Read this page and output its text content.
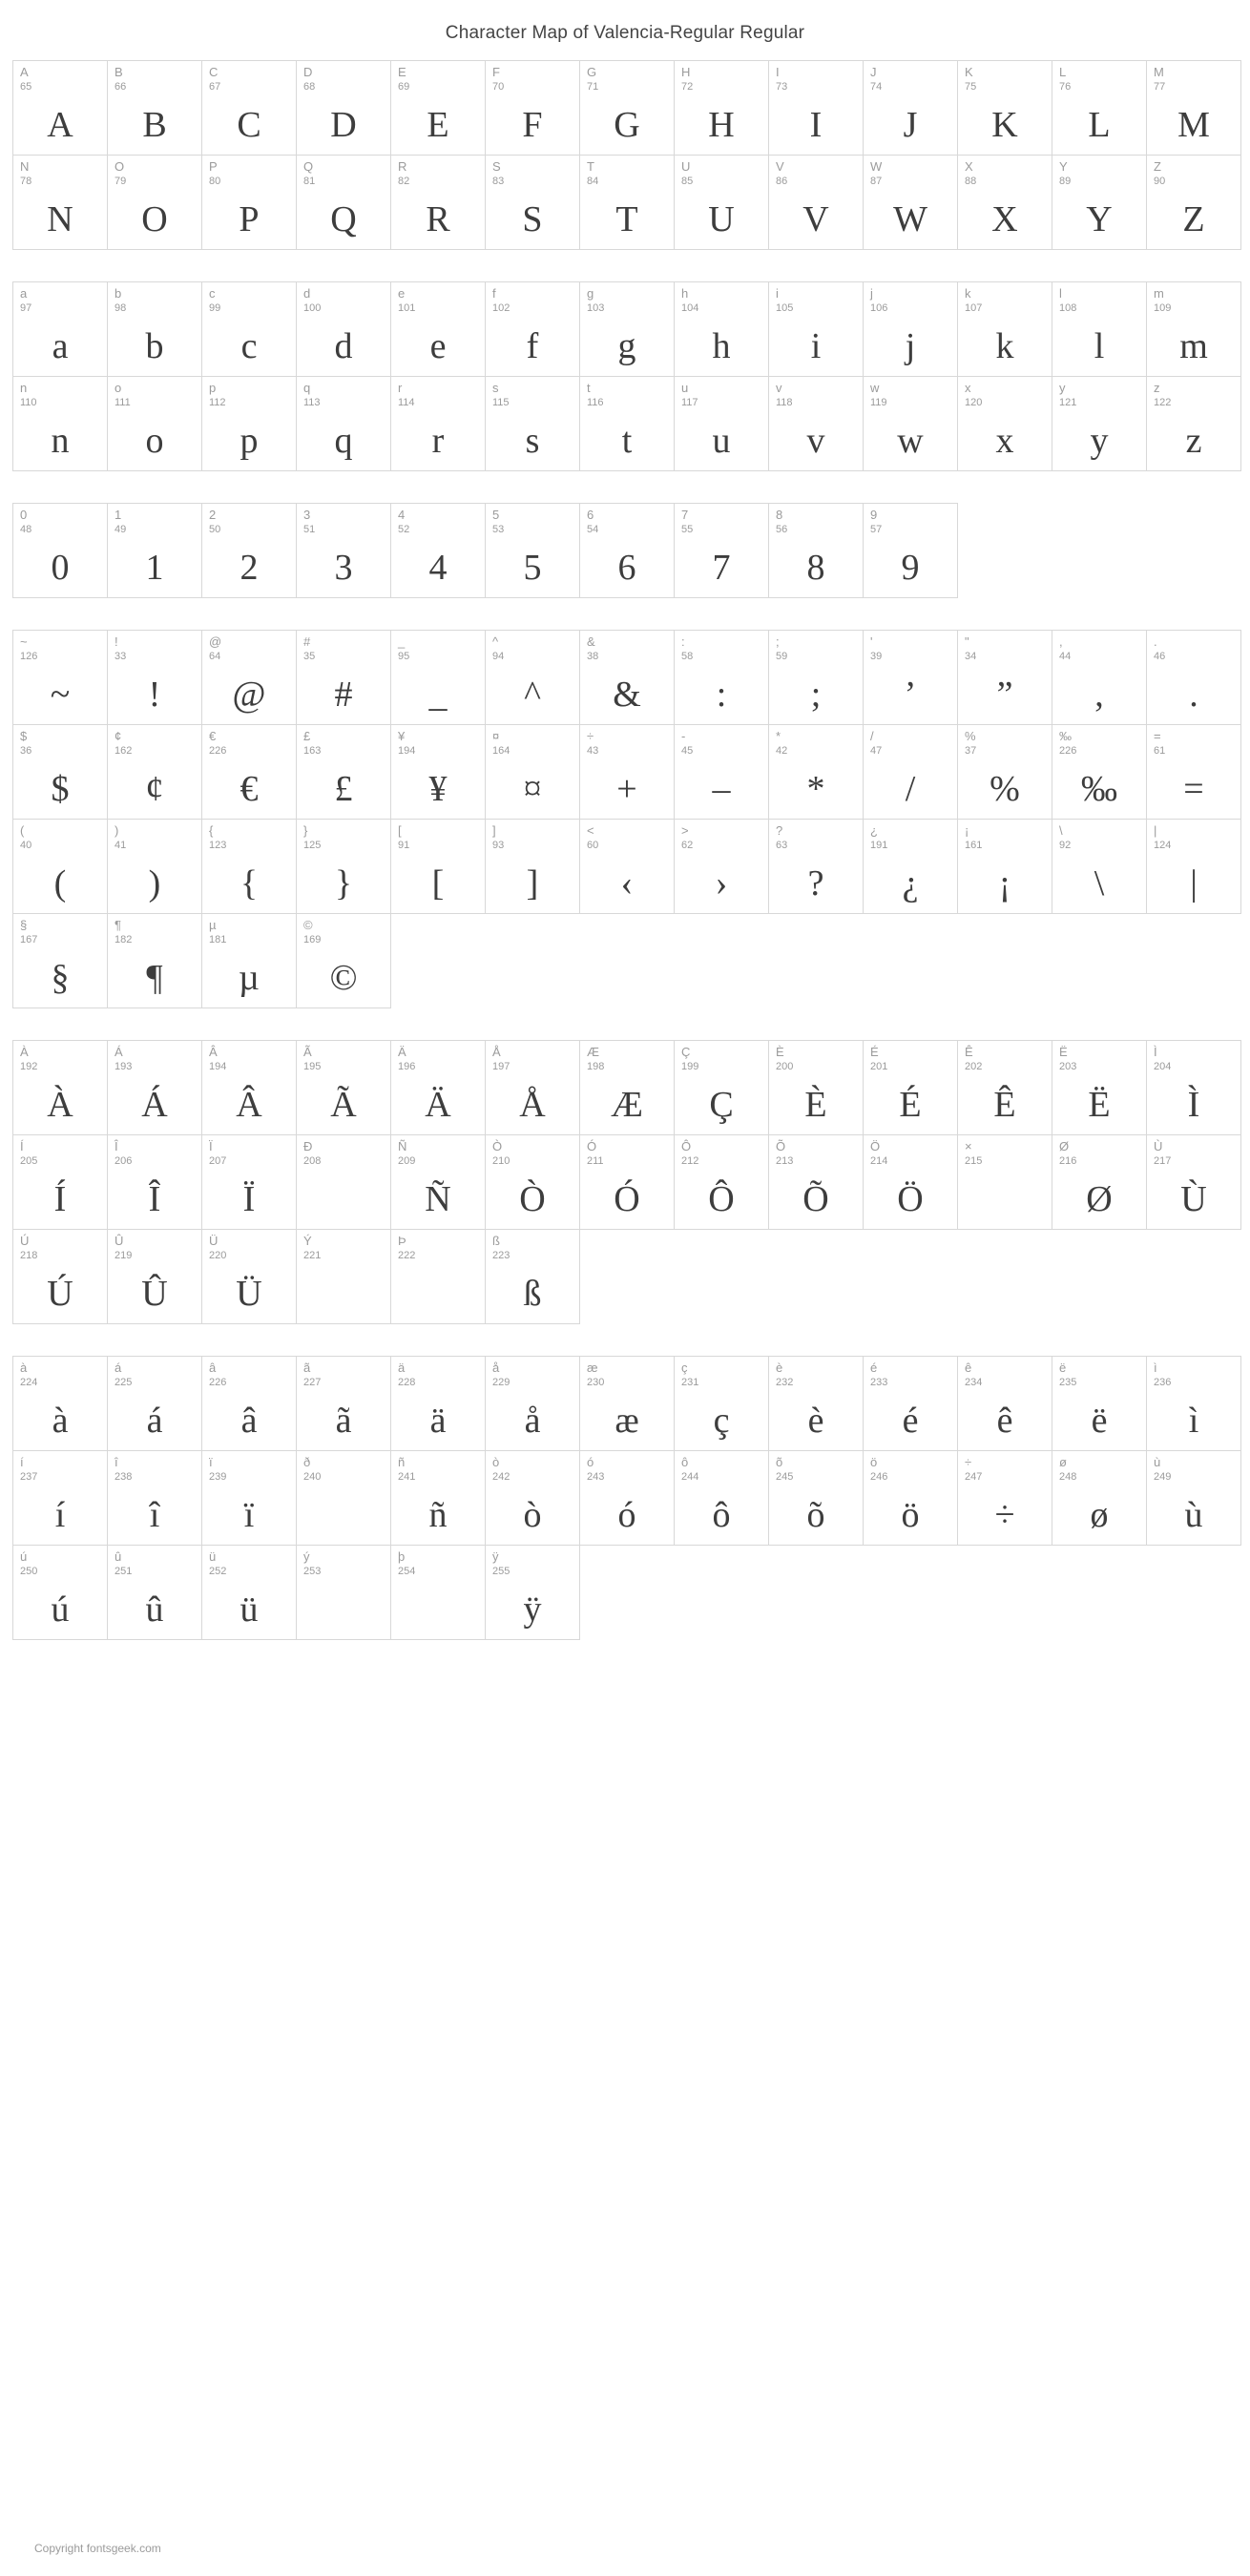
Character Map of Valencia-Regular Regular
A
65
A
B
66
B
C
67
C
D
68
D
E
69
E
F
70
F
G
71
G
H
72
H
I
73
I
J
74
J
K
75
K
L
76
L
M
77
M
N
78
N
O
79
O
P
80
P
Q
81
Q
R
82
R
S
83
S
T
84
T
U
85
U
V
86
V
W
87
W
X
88
X
Y
89
Y
Z
90
Z
a
97
a
b
98
b
c
99
c
d
100
d
e
101
e
f
102
f
g
103
g
h
104
h
i
105
i
j
106
j
k
107
k
l
108
l
m
109
m
n
110
n
o
111
o
p
112
p
q
113
q
r
114
r
s
115
s
t
116
t
u
117
u
v
118
v
w
119
w
x
120
x
y
121
y
z
122
z
0
48
0
1
49
1
2
50
2
3
51
3
4
52
4
5
53
5
6
54
6
7
55
7
8
56
8
9
57
9
~
126
~
!
33
!
@
64
@
#
35
#
_
95
_
^
94
^
&
38
&
:
58
:
;
59
;
'
39
’
"
34
”
,
44
,
.
46
.
$
36
$
¢
162
¢
€
226
€
£
163
£
¥
194
¥
¤
164
¤
÷
43
+
-
45
–
*
42
*
/
47
/
%
37
%
‰
226
‰
=
61
=
(
40
(
)
41
)
{
123
{
}
125
}
[
91
[
]
93
]
<
60
‹
>
62
›
?
63
?
¿
191
¿
¡
161
¡
\
92
\
|
124
|
§
167
§
¶
182
¶
µ
181
µ
©
169
©
À
192
À
Á
193
Á
Â
194
Â
Ã
195
Ã
Ä
196
Ä
Å
197
Å
Æ
198
Æ
Ç
199
Ç
È
200
È
É
201
É
Ê
202
Ê
Ë
203
Ë
Ì
204
Ì
Í
205
Í
Î
206
Î
Ï
207
Ï
Ð
208
Ñ
209
Ñ
Ò
210
Ò
Ó
211
Ó
Ô
212
Ô
Õ
213
Õ
Ö
214
Ö
×
215
Ø
216
Ø
Ù
217
Ù
Ú
218
Ú
Û
219
Û
Ü
220
Ü
Ý
221
Þ
222
ß
223
ß
à
224
à
á
225
á
â
226
â
ã
227
ã
ä
228
ä
å
229
å
æ
230
æ
ç
231
ç
è
232
è
é
233
é
ê
234
ê
ë
235
ë
ì
236
ì
í
237
í
î
238
î
ï
239
ï
ð
240
ñ
241
ñ
ò
242
ò
ó
243
ó
ô
244
ô
õ
245
õ
ö
246
ö
÷
247
÷
ø
248
ø
ù
249
ù
ú
250
ú
û
251
û
ü
252
ü
ý
253
þ
254
ÿ
255
ÿ
Copyright fontsgeek.com
